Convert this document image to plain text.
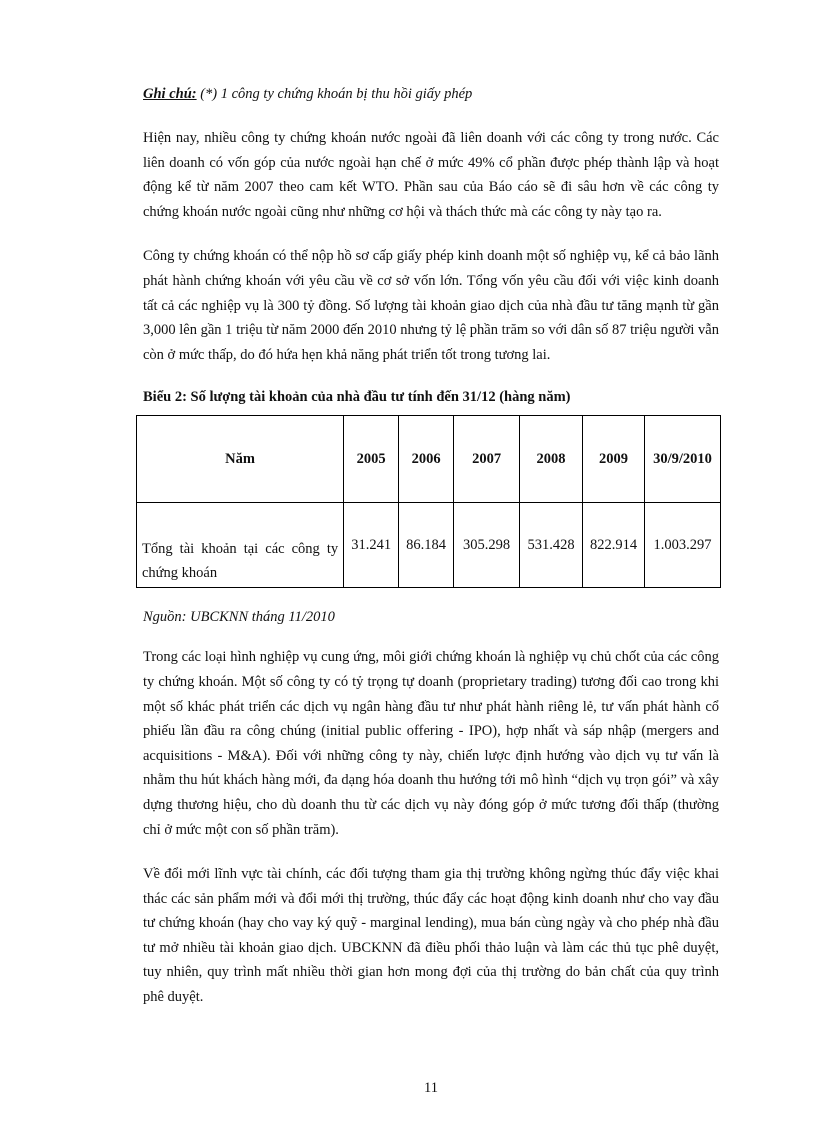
Ghi chú: (*) 1 công ty chứng khoán bị thu hồi giấy phép

Hiện nay, nhiều công ty chứng khoán nước ngoài đã liên doanh với các công ty trong nước. Các liên doanh có vốn góp của nước ngoài hạn chế ở mức 49% cổ phần được phép thành lập và hoạt động kể từ năm 2007 theo cam kết WTO. Phần sau của Báo cáo sẽ đi sâu hơn về các công ty chứng khoán nước ngoài cũng như những cơ hội và thách thức mà các công ty này tạo ra.

Công ty chứng khoán có thể nộp hồ sơ cấp giấy phép kinh doanh một số nghiệp vụ, kể cả bảo lãnh phát hành chứng khoán với yêu cầu về cơ sở vốn lớn. Tổng vốn yêu cầu đối với việc kinh doanh tất cả các nghiệp vụ là 300 tỷ đồng. Số lượng tài khoản giao dịch của nhà đầu tư tăng mạnh từ gần 3,000 lên gần 1 triệu từ năm 2000 đến 2010 nhưng tỷ lệ phần trăm so với dân số 87 triệu người vẫn còn ở mức thấp, do đó hứa hẹn khả năng phát triển tốt trong tương lai.

Biểu 2: Số lượng tài khoản của nhà đầu tư tính đến 31/12 (hàng năm)
Năm	2005	2006	2007	2008	2009	30/9/2010
Tổng tài khoản tại các công ty chứng khoán	31.241	86.184	305.298	531.428	822.914	1.003.297
Nguồn: UBCKNN tháng 11/2010

Trong các loại hình nghiệp vụ cung ứng, môi giới chứng khoán là nghiệp vụ chủ chốt của các công ty chứng khoán. Một số công ty có tỷ trọng tự doanh (proprietary trading) tương đối cao trong khi một số khác phát triển các dịch vụ ngân hàng đầu tư như phát hành riêng lẻ, tư vấn phát hành cổ phiếu lần đầu ra công chúng (initial public offering - IPO), hợp nhất và sáp nhập (mergers and acquisitions - M&A). Đối với những công ty này, chiến lược định hướng vào dịch vụ tư vấn là nhằm thu hút khách hàng mới, đa dạng hóa doanh thu hướng tới mô hình “dịch vụ trọn gói” và xây dựng thương hiệu, cho dù doanh thu từ các dịch vụ này đóng góp ở mức tương đối thấp (thường chỉ ở mức một con số phần trăm).

Về đổi mới lĩnh vực tài chính, các đối tượng tham gia thị trường không ngừng thúc đẩy việc khai thác các sản phẩm mới và đổi mới thị trường, thúc đẩy các hoạt động kinh doanh như cho vay đầu tư chứng khoán (hay cho vay ký quỹ - marginal lending), mua bán cùng ngày và cho phép nhà đầu tư mở nhiều tài khoản giao dịch. UBCKNN đã điều phối thảo luận và làm các thủ tục phê duyệt, tuy nhiên, quy trình mất nhiều thời gian hơn mong đợi của thị trường do bản chất của quy trình phê duyệt.

11
